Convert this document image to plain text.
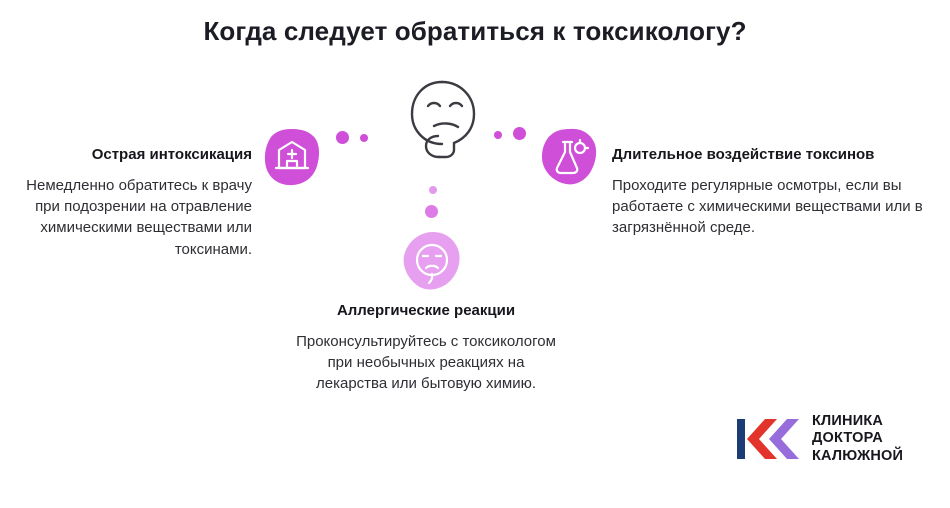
Когда следует обратиться к токсикологу?
Острая интоксикация

Немедленно обратитесь к врачу при подозрении на отравление химическими веществами или токсинами.

Длительное воздействие токсинов

Проходите регулярные осмотры, если вы работаете с химическими веществами или в загрязнённой среде.

Аллергические реакции

Проконсультируйтесь с токсикологом при необычных реакциях на лекарства или бытовую химию.

КЛИНИКА
ДОКТОРА
КАЛЮЖНОЙ
